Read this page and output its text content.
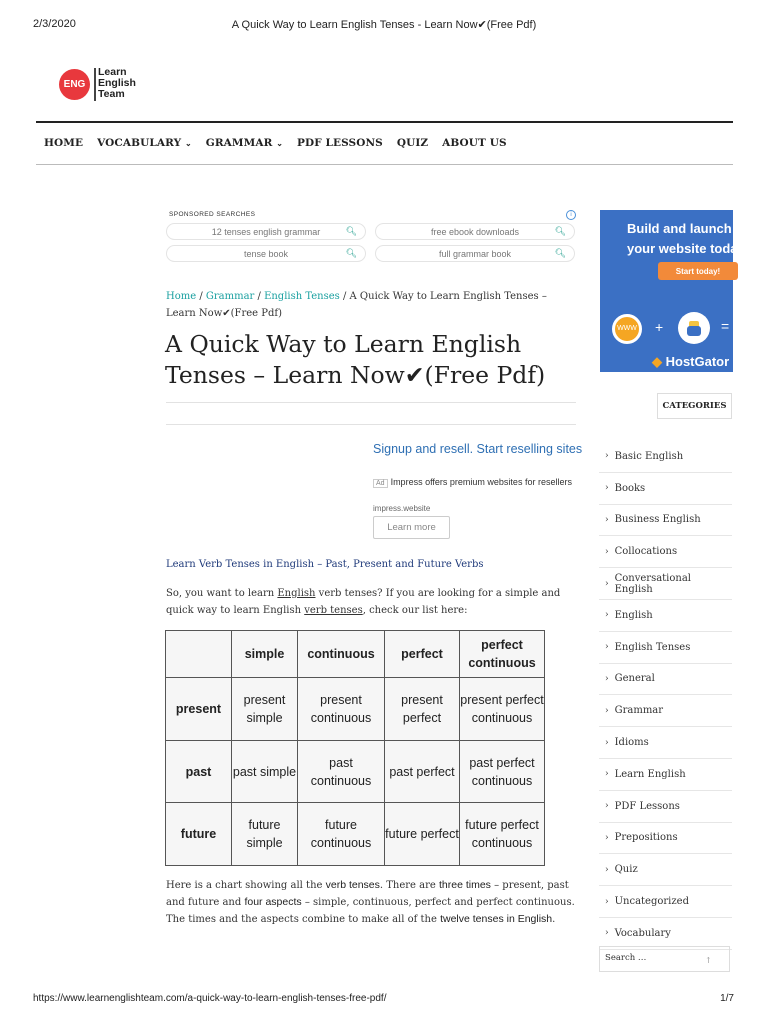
2/3/2020	A Quick Way to Learn English Tenses - Learn Now✔(Free Pdf)
ENG
Learn
English
Team
HOME VOCABULARY ⌄ GRAMMAR ⌄ PDF LESSONS QUIZ ABOUT US
SPONSORED SEARCHES	i
12 tenses english grammar	🔍︎	free ebook downloads	🔍︎
tense book	🔍︎	full grammar book	🔍︎
Home / Grammar / English Tenses / A Quick Way to Learn English Tenses – Learn Now✔(Free Pdf)
A Quick Way to Learn English Tenses – Learn Now✔(Free Pdf)
Signup and resell. Start reselling sites
Ad Impress offers premium websites for resellers
impress.website
Learn more
Learn Verb Tenses in English – Past, Present and Future Verbs
So, you want to learn English verb tenses? If you are looking for a simple and quick way to learn English verb tenses, check our list here:
	simple	continuous	perfect	perfect continuous
present	present simple	present continuous	present perfect	present perfect continuous
past	past simple	past continuous	past perfect	past perfect continuous
future	future simple	future continuous	future perfect	future perfect continuous
Here is a chart showing all the verb tenses. There are three times – present, past and future and four aspects – simple, continuous, perfect and perfect continuous. The times and the aspects combine to make all of the twelve tenses in English.
Build and launch
your website today
Start today!
WWW	+	=
◆ HostGator
CATEGORIES
› Basic English
› Books
› Business English
› Collocations
› Conversational English
› English
› English Tenses
› General
› Grammar
› Idioms
› Learn English
› PDF Lessons
› Prepositions
› Quiz
› Uncategorized
› Vocabulary
Search …	↑
https://www.learnenglishteam.com/a-quick-way-to-learn-english-tenses-free-pdf/	1/7
